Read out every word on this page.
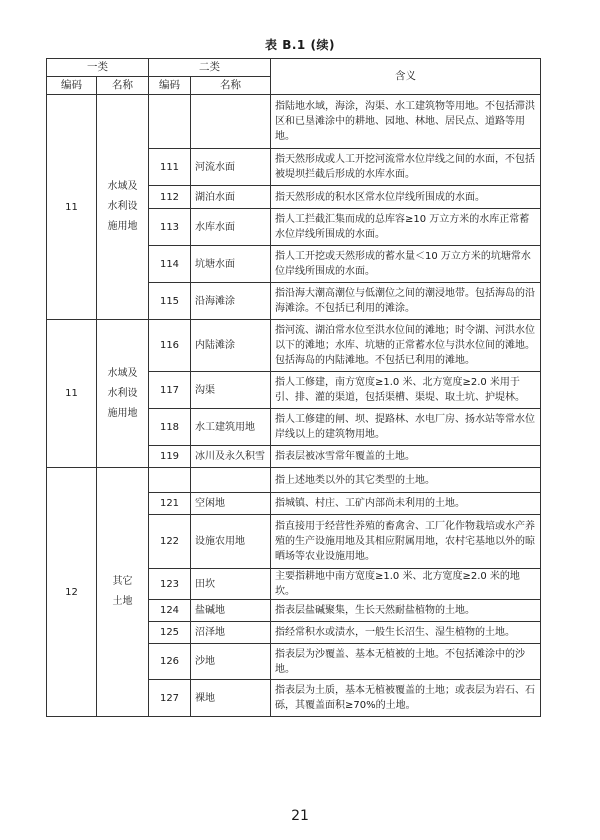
表 B.1 (续)
一类		二类		含义
编码	名称	编码	名称	
11	水域及
水利设
施用地			指陆地水域，海涂，沟渠、水工建筑物等用地。不包括滞洪区和已垦滩涂中的耕地、园地、林地、居民点、道路等用地。
		111	河流水面	指天然形成或人工开挖河流常水位岸线之间的水面，不包括被堤坝拦截后形成的水库水面。
		112	湖泊水面	指天然形成的积水区常水位岸线所围成的水面。
		113	水库水面	指人工拦截汇集而成的总库容≥10 万立方米的水库正常蓄水位岸线所围成的水面。
		114	坑塘水面	指人工开挖或天然形成的蓄水量＜10 万立方米的坑塘常水位岸线所围成的水面。
		115	沿海滩涂	指沿海大潮高潮位与低潮位之间的潮浸地带。包括海岛的沿海滩涂。不包括已利用的滩涂。
11	水域及
水利设
施用地	116	内陆滩涂	指河流、湖泊常水位至洪水位间的滩地；时令湖、河洪水位以下的滩地；水库、坑塘的正常蓄水位与洪水位间的滩地。包括海岛的内陆滩地。不包括已利用的滩地。
		117	沟渠	指人工修建，南方宽度≥1.0 米、北方宽度≥2.0 米用于引、排、灌的渠道，包括渠槽、渠堤、取土坑、护堤林。
		118	水工建筑用地	指人工修建的闸、坝、提路林、水电厂房、扬水站等常水位岸线以上的建筑物用地。
		119	冰川及永久积雪	指表层被冰雪常年覆盖的土地。
12	其它
土地			指上述地类以外的其它类型的土地。
		121	空闲地	指城镇、村庄、工矿内部尚未利用的土地。
		122	设施农用地	指直接用于经营性养殖的畜禽舍、工厂化作物栽培或水产养殖的生产设施用地及其相应附属用地，农村宅基地以外的晾晒场等农业设施用地。
		123	田坎	主要指耕地中南方宽度≥1.0 米、北方宽度≥2.0 米的地坎。
		124	盐碱地	指表层盐碱聚集，生长天然耐盐植物的土地。
		125	沼泽地	指经常积水或渍水，一般生长沼生、湿生植物的土地。
		126	沙地	指表层为沙覆盖、基本无植被的土地。不包括滩涂中的沙地。
		127	裸地	指表层为土质，基本无植被覆盖的土地；或表层为岩石、石砾，其覆盖面积≥70%的土地。
21
